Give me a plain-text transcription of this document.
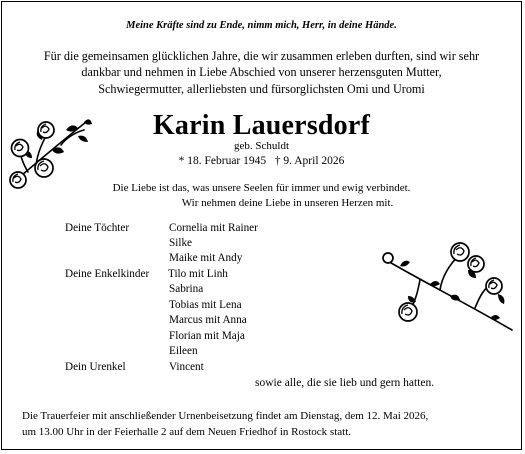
Meine Kräfte sind zu Ende, nimm mich, Herr, in deine Hände.
Für die gemeinsamen glücklichen Jahre, die wir zusammen erleben durften, sind wir sehr
dankbar und nehmen in Liebe Abschied von unserer herzensguten Mutter,
Schwiegermutter, allerliebsten und fürsorglichsten Omi und Uromi
Karin Lauersdorf
geb. Schuldt
* 18. Februar 1945   † 9. April 2026
Die Liebe ist das, was unsere Seelen für immer und ewig verbindet.
Wir nehmen deine Liebe in unseren Herzen mit.
Deine Töchter	Cornelia mit Rainer
Silke
Maike mit Andy
Deine Enkelkinder Tilo mit Linh
Sabrina
Tobias mit Lena
Marcus mit Anna
Florian mit Maja
Eileen
Dein Urenkel	Vincent
sowie alle, die sie lieb und gern hatten.
Die Trauerfeier mit anschließender Urnenbeisetzung findet am Dienstag, dem 12. Mai 2026,
um 13.00 Uhr in der Feierhalle 2 auf dem Neuen Friedhof in Rostock statt.
